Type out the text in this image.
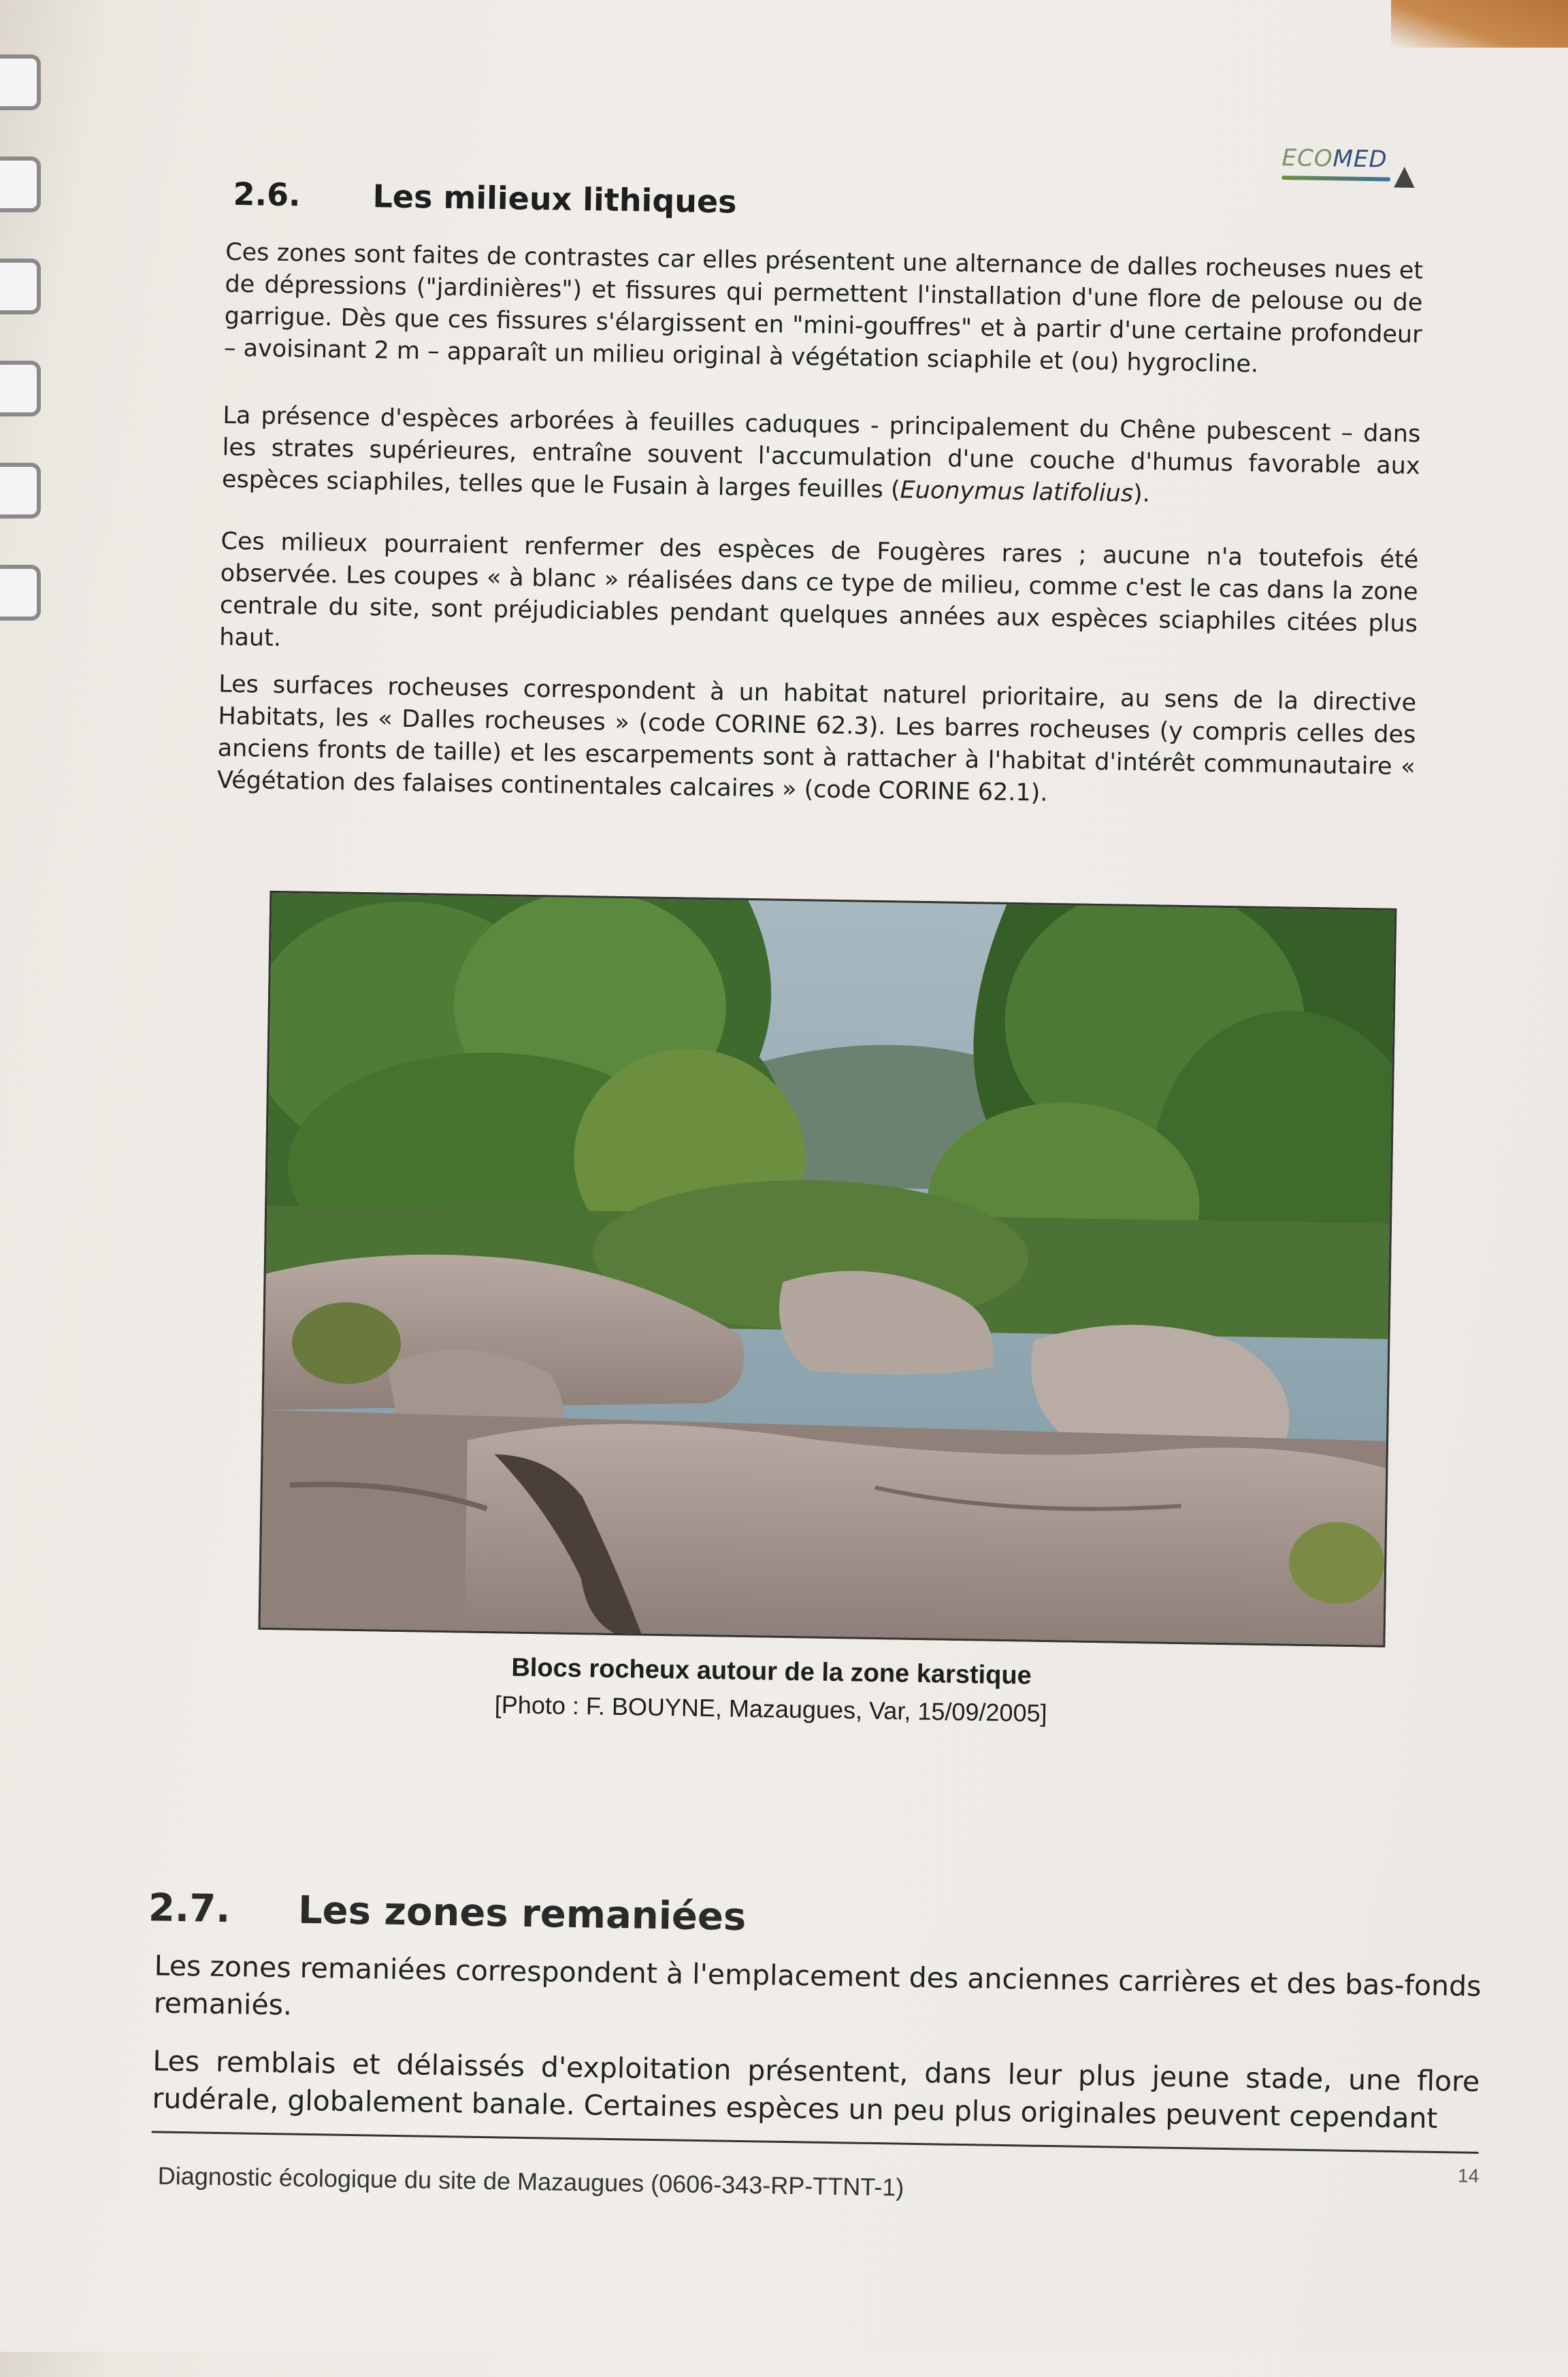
ECOMED
▲
2.6. Les milieux lithiques

Ces zones sont faites de contrastes car elles présentent une alternance de dalles rocheuses nues et de dépressions ("jardinières") et fissures qui permettent l'installation d'une flore de pelouse ou de garrigue. Dès que ces fissures s'élargissent en "mini-gouffres" et à partir d'une certaine profondeur – avoisinant 2 m – apparaît un milieu original à végétation sciaphile et (ou) hygrocline.

La présence d'espèces arborées à feuilles caduques - principalement du Chêne pubescent – dans les strates supérieures, entraîne souvent l'accumulation d'une couche d'humus favorable aux espèces sciaphiles, telles que le Fusain à larges feuilles (Euonymus latifolius).

Ces milieux pourraient renfermer des espèces de Fougères rares ; aucune n'a toutefois été observée. Les coupes « à blanc » réalisées dans ce type de milieu, comme c'est le cas dans la zone centrale du site, sont préjudiciables pendant quelques années aux espèces sciaphiles citées plus haut.

Les surfaces rocheuses correspondent à un habitat naturel prioritaire, au sens de la directive Habitats, les « Dalles rocheuses » (code CORINE 62.3). Les barres rocheuses (y compris celles des anciens fronts de taille) et les escarpements sont à rattacher à l'habitat d'intérêt communautaire « Végétation des falaises continentales calcaires » (code CORINE 62.1).

Blocs rocheux autour de la zone karstique
[Photo : F. BOUYNE, Mazaugues, Var, 15/09/2005]
2.7. Les zones remaniées

Les zones remaniées correspondent à l'emplacement des anciennes carrières et des bas-fonds remaniés.

Les remblais et délaissés d'exploitation présentent, dans leur plus jeune stade, une flore rudérale, globalement banale. Certaines espèces un peu plus originales peuvent cependant

14
Diagnostic écologique du site de Mazaugues (0606-343-RP-TTNT-1)
